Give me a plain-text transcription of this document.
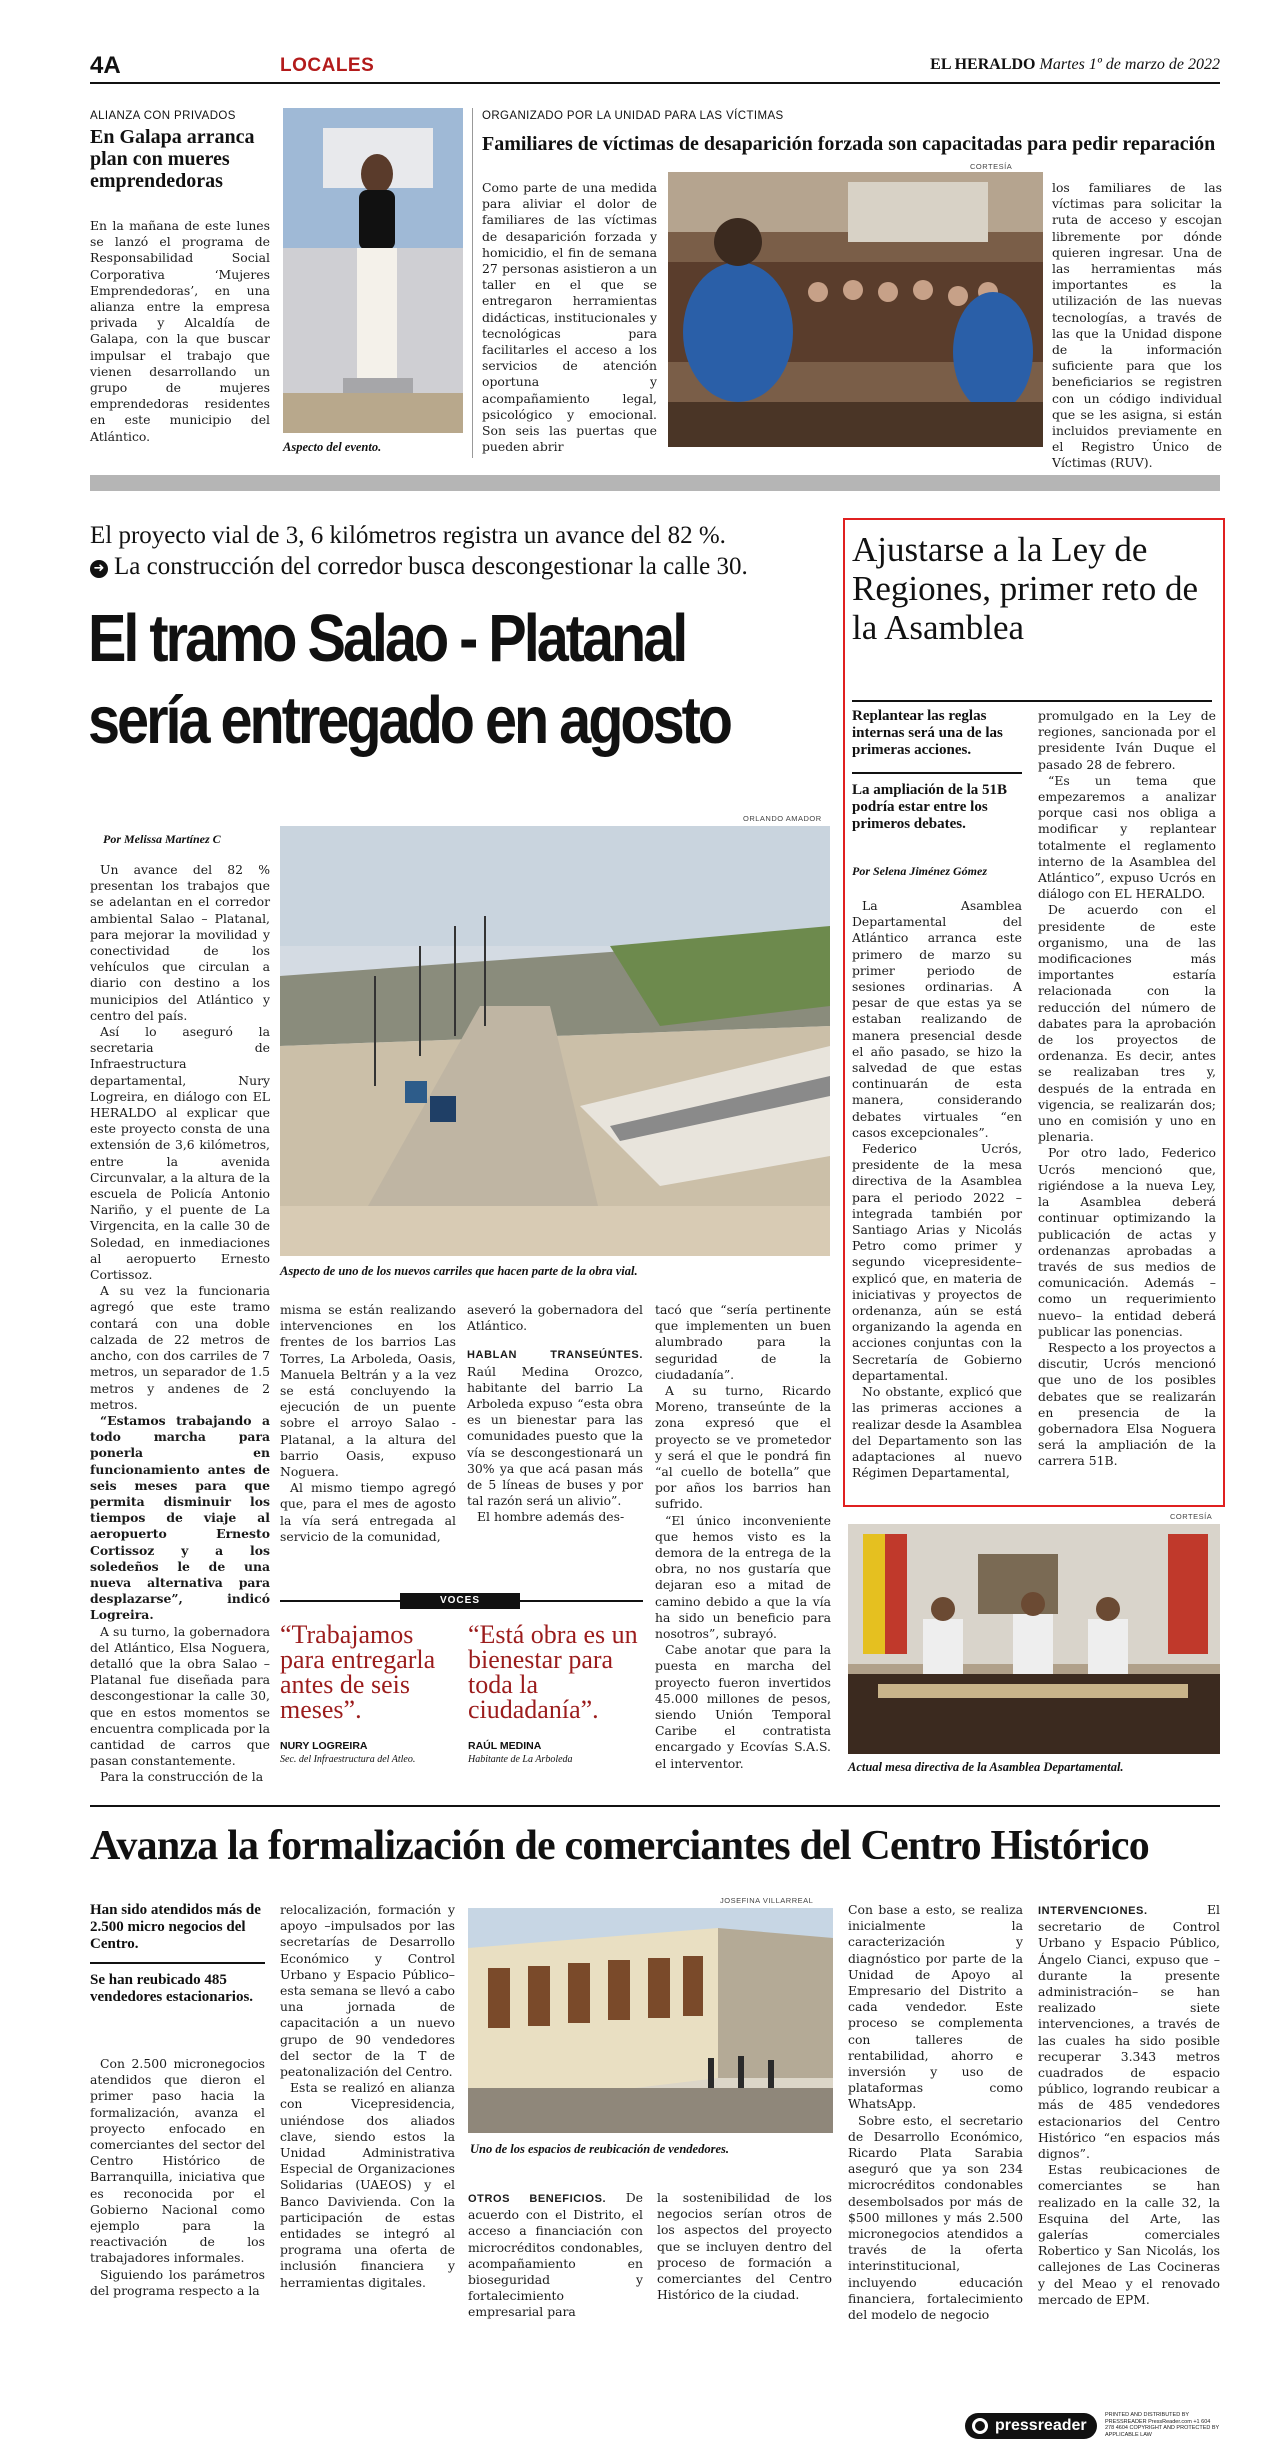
4A	LOCALES	EL HERALDO Martes 1º de marzo de 2022
ALIANZA CON PRIVADOS
En Galapa arranca plan con mueres emprendedoras
En la mañana de este lunes se lanzó el programa de Responsabilidad Social Corporativa ‘Mujeres Emprendedoras’, en una alianza entre la empresa privada y Alcaldía de Galapa, con la que buscar impulsar el trabajo que vienen desarrollando un grupo de mujeres emprendedoras residentes en este municipio del Atlántico.
Aspecto del evento.
ORGANIZADO POR LA UNIDAD PARA LAS VÍCTIMAS
Familiares de víctimas de desaparición forzada son capacitadas para pedir reparación
CORTESÍA
Como parte de una medida para aliviar el dolor de familiares de las víctimas de desaparición forzada y homicidio, el fin de semana 27 personas asistieron a un taller en el que se entregaron herramientas didácticas, institucionales y tecnológicas para facilitarles el acceso a los servicios de atención oportuna y acompañamiento legal, psicológico y emocional. Son seis las puertas que pueden abrir
los familiares de las víctimas para solicitar la ruta de acceso y escojan libremente por dónde quieren ingresar. Una de las herramientas más importantes es la utilización de las nuevas tecnologías, a través de las que la Unidad dispone de la información suficiente para que los beneficiarios se registren con un código individual que se les asigna, si están incluidos previamente en el Registro Único de Víctimas (RUV).
El proyecto vial de 3, 6 kilómetros registra un avance del 82 %.
➜ La construcción del corredor busca descongestionar la calle 30.
El tramo Salao - Platanal sería entregado en agosto
Por Melissa Martínez C
ORLANDO AMADOR

Un avance del 82 % presentan los trabajos que se adelantan en el corredor ambiental Salao – Platanal, para mejorar la movilidad y conectividad de los vehículos que circulan a diario con destino a los municipios del Atlántico y centro del país.

Así lo aseguró la secretaria de Infraestructura departamental, Nury Logreira, en diálogo con EL HERALDO al explicar que este proyecto consta de una extensión de 3,6 kilómetros, entre la avenida Circunvalar, a la altura de la escuela de Policía Antonio Nariño, y el puente de La Virgencita, en la calle 30 de Soledad, en inmediaciones al aeropuerto Ernesto Cortissoz.

A su vez la funcionaria agregó que este tramo contará con una doble calzada de 22 metros de ancho, con dos carriles de 7 metros, un separador de 1.5 metros y andenes de 2 metros.

“Estamos trabajando a todo marcha para ponerla en funcionamiento antes de seis meses para que permita disminuir los tiempos de viaje al aeropuerto Ernesto Cortissoz y a los soledeños le de una nueva alternativa para desplazarse”, indicó Logreira.

A su turno, la gobernadora del Atlántico, Elsa Noguera, detalló que la obra Salao – Platanal fue diseñada para descongestionar la calle 30, que en estos momentos se encuentra complicada por la cantidad de carros que pasan constantemente.

Para la construcción de la

Aspecto de uno de los nuevos carriles que hacen parte de la obra vial.

misma se están realizando intervenciones en los frentes de los barrios Las Torres, La Arboleda, Oasis, Manuela Beltrán y a la vez se está concluyendo la ejecución de un puente sobre el arroyo Salao - Platanal, a la altura del barrio Oasis, expuso Noguera.

Al mismo tiempo agregó que, para el mes de agosto la vía será entregada al servicio de la comunidad,

aseveró la gobernadora del Atlántico.

HABLAN TRANSEÚNTES. Raúl Medina Orozco, habitante del barrio La Arboleda expuso “esta obra es un bienestar para las comunidades puesto que la vía se descongestionará un 30% ya que acá pasan más de 5 líneas de buses y por tal razón será un alivio”.

El hombre además des-

tacó que “sería pertinente que implementen un buen alumbrado para la seguridad de la ciudadanía”.

A su turno, Ricardo Moreno, transeúnte de la zona expresó que el proyecto se ve prometedor y será el que le pondrá fin “al cuello de botella” que por años los barrios han sufrido.

“El único inconveniente que hemos visto es la demora de la entrega de la obra, no nos gustaría que dejaran eso a mitad de camino debido a que la vía ha sido un beneficio para nosotros”, subrayó.

Cabe anotar que para la puesta en marcha del proyecto fueron invertidos 45.000 millones de pesos, siendo Unión Temporal Caribe el contratista encargado y Ecovías S.A.S. el interventor.

VOCES
“Trabajamos para entregarla antes de seis meses”.
NURY LOGREIRA
Sec. del Infraestructura del Atleo.
“Está obra es un bienestar para toda la ciudadanía”.
RAÚL MEDINA
Habitante de La Arboleda
Ajustarse a la Ley de Regiones, primer reto de la Asamblea
Replantear las reglas internas será una de las primeras acciones.
La ampliación de la 51B podría estar entre los primeros debates.
Por Selena Jiménez Gómez

La Asamblea Departamental del Atlántico arranca este primero de marzo su primer periodo de sesiones ordinarias. A pesar de que estas ya se estaban realizando de manera presencial desde el año pasado, se hizo la salvedad de que estas continuarán de esta manera, considerando debates virtuales “en casos excepcionales”.

Federico Ucrós, presidente de la mesa directiva de la Asamblea para el periodo 2022 –integrada también por Santiago Arias y Nicolás Petro como primer y segundo vicepresidente– explicó que, en materia de iniciativas y proyectos de ordenanza, aún se está organizando la agenda en acciones conjuntas con la Secretaría de Gobierno departamental.

No obstante, explicó que las primeras acciones a realizar desde la Asamblea del Departamento son las adaptaciones al nuevo Régimen Departamental,

promulgado en la Ley de regiones, sancionada por el presidente Iván Duque el pasado 28 de febrero.

“Es un tema que empezaremos a analizar porque casi nos obliga a modificar y replantear totalmente el reglamento interno de la Asamblea del Atlántico”, expuso Ucrós en diálogo con EL HERALDO.

De acuerdo con el presidente de este organismo, una de las modificaciones más importantes estaría relacionada con la reducción del número de dabates para la aprobación de los proyectos de ordenanza. Es decir, antes se realizaban tres y, después de la entrada en vigencia, se realizarán dos; uno en comisión y uno en plenaria.

Por otro lado, Federico Ucrós mencionó que, rigiéndose a la nueva Ley, la Asamblea deberá continuar optimizando la publicación de actas y ordenanzas aprobadas a través de sus medios de comunicación. Además –como un requerimiento nuevo– la entidad deberá publicar las ponencias.

Respecto a los proyectos a discutir, Ucrós mencionó que uno de los posibles debates que se realizarán en presencia de la gobernadora Elsa Noguera será la ampliación de la carrera 51B.

CORTESÍA
Actual mesa directiva de la Asamblea Departamental.
Avanza la formalización de comerciantes del Centro Histórico
Han sido atendidos más de 2.500 micro negocios del Centro.
Se han reubicado 485 vendedores estacionarios.

Con 2.500 micronegocios atendidos que dieron el primer paso hacia la formalización, avanza el proyecto enfocado en comerciantes del sector del Centro Histórico de Barranquilla, iniciativa que es reconocida por el Gobierno Nacional como ejemplo para la reactivación de los trabajadores informales.

Siguiendo los parámetros del programa respecto a la

relocalización, formación y apoyo –impulsados por las secretarías de Desarrollo Económico y Control Urbano y Espacio Público– esta semana se llevó a cabo una jornada de capacitación a un nuevo grupo de 90 vendedores del sector de la T de peatonalización del Centro.

Esta se realizó en alianza con Vicepresidencia, uniéndose dos aliados clave, siendo estos la Unidad Administrativa Especial de Organizaciones Solidarias (UAEOS) y el Banco Davivienda. Con la participación de estas entidades se integró al programa una oferta de inclusión financiera y herramientas digitales.

JOSEFINA VILLARREAL
Uno de los espacios de reubicación de vendedores.

OTROS BENEFICIOS. De acuerdo con el Distrito, el acceso a financiación con microcréditos condonables, acompañamiento en bioseguridad y fortalecimiento empresarial para

la sostenibilidad de los negocios serían otros de los aspectos del proyecto que se incluyen dentro del proceso de formación a comerciantes del Centro Histórico de la ciudad.

Con base a esto, se realiza inicialmente la caracterización y diagnóstico por parte de la Unidad de Apoyo al Empresario del Distrito a cada vendedor. Este proceso se complementa con talleres de rentabilidad, ahorro e inversión y uso de plataformas como WhatsApp.

Sobre esto, el secretario de Desarrollo Económico, Ricardo Plata Sarabia aseguró que ya son 234 microcréditos condonables desembolsados por más de $500 millones y más 2.500 micronegocios atendidos a través de la oferta interinstitucional, incluyendo educación financiera, fortalecimiento del modelo de negocio

INTERVENCIONES.	El secretario de Control Urbano y Espacio Público, Ángelo Cianci, expuso que –durante la presente administración– se han realizado siete intervenciones, a través de las cuales ha sido posible recuperar 3.343 metros cuadrados de espacio público, logrando reubicar a más de 485 vendedores estacionarios del Centro Histórico “en espacios más dignos”.

Estas reubicaciones de comerciantes se han realizado en la calle 32, la Esquina del Arte, las galerías comerciales Robertico y San Nicolás, los callejones de Las Cocineras y del Meao y el renovado mercado de EPM.

pressreader
PRINTED AND DISTRIBUTED BY PRESSREADER PressReader.com +1 604 278 4604 COPYRIGHT AND PROTECTED BY APPLICABLE LAW
